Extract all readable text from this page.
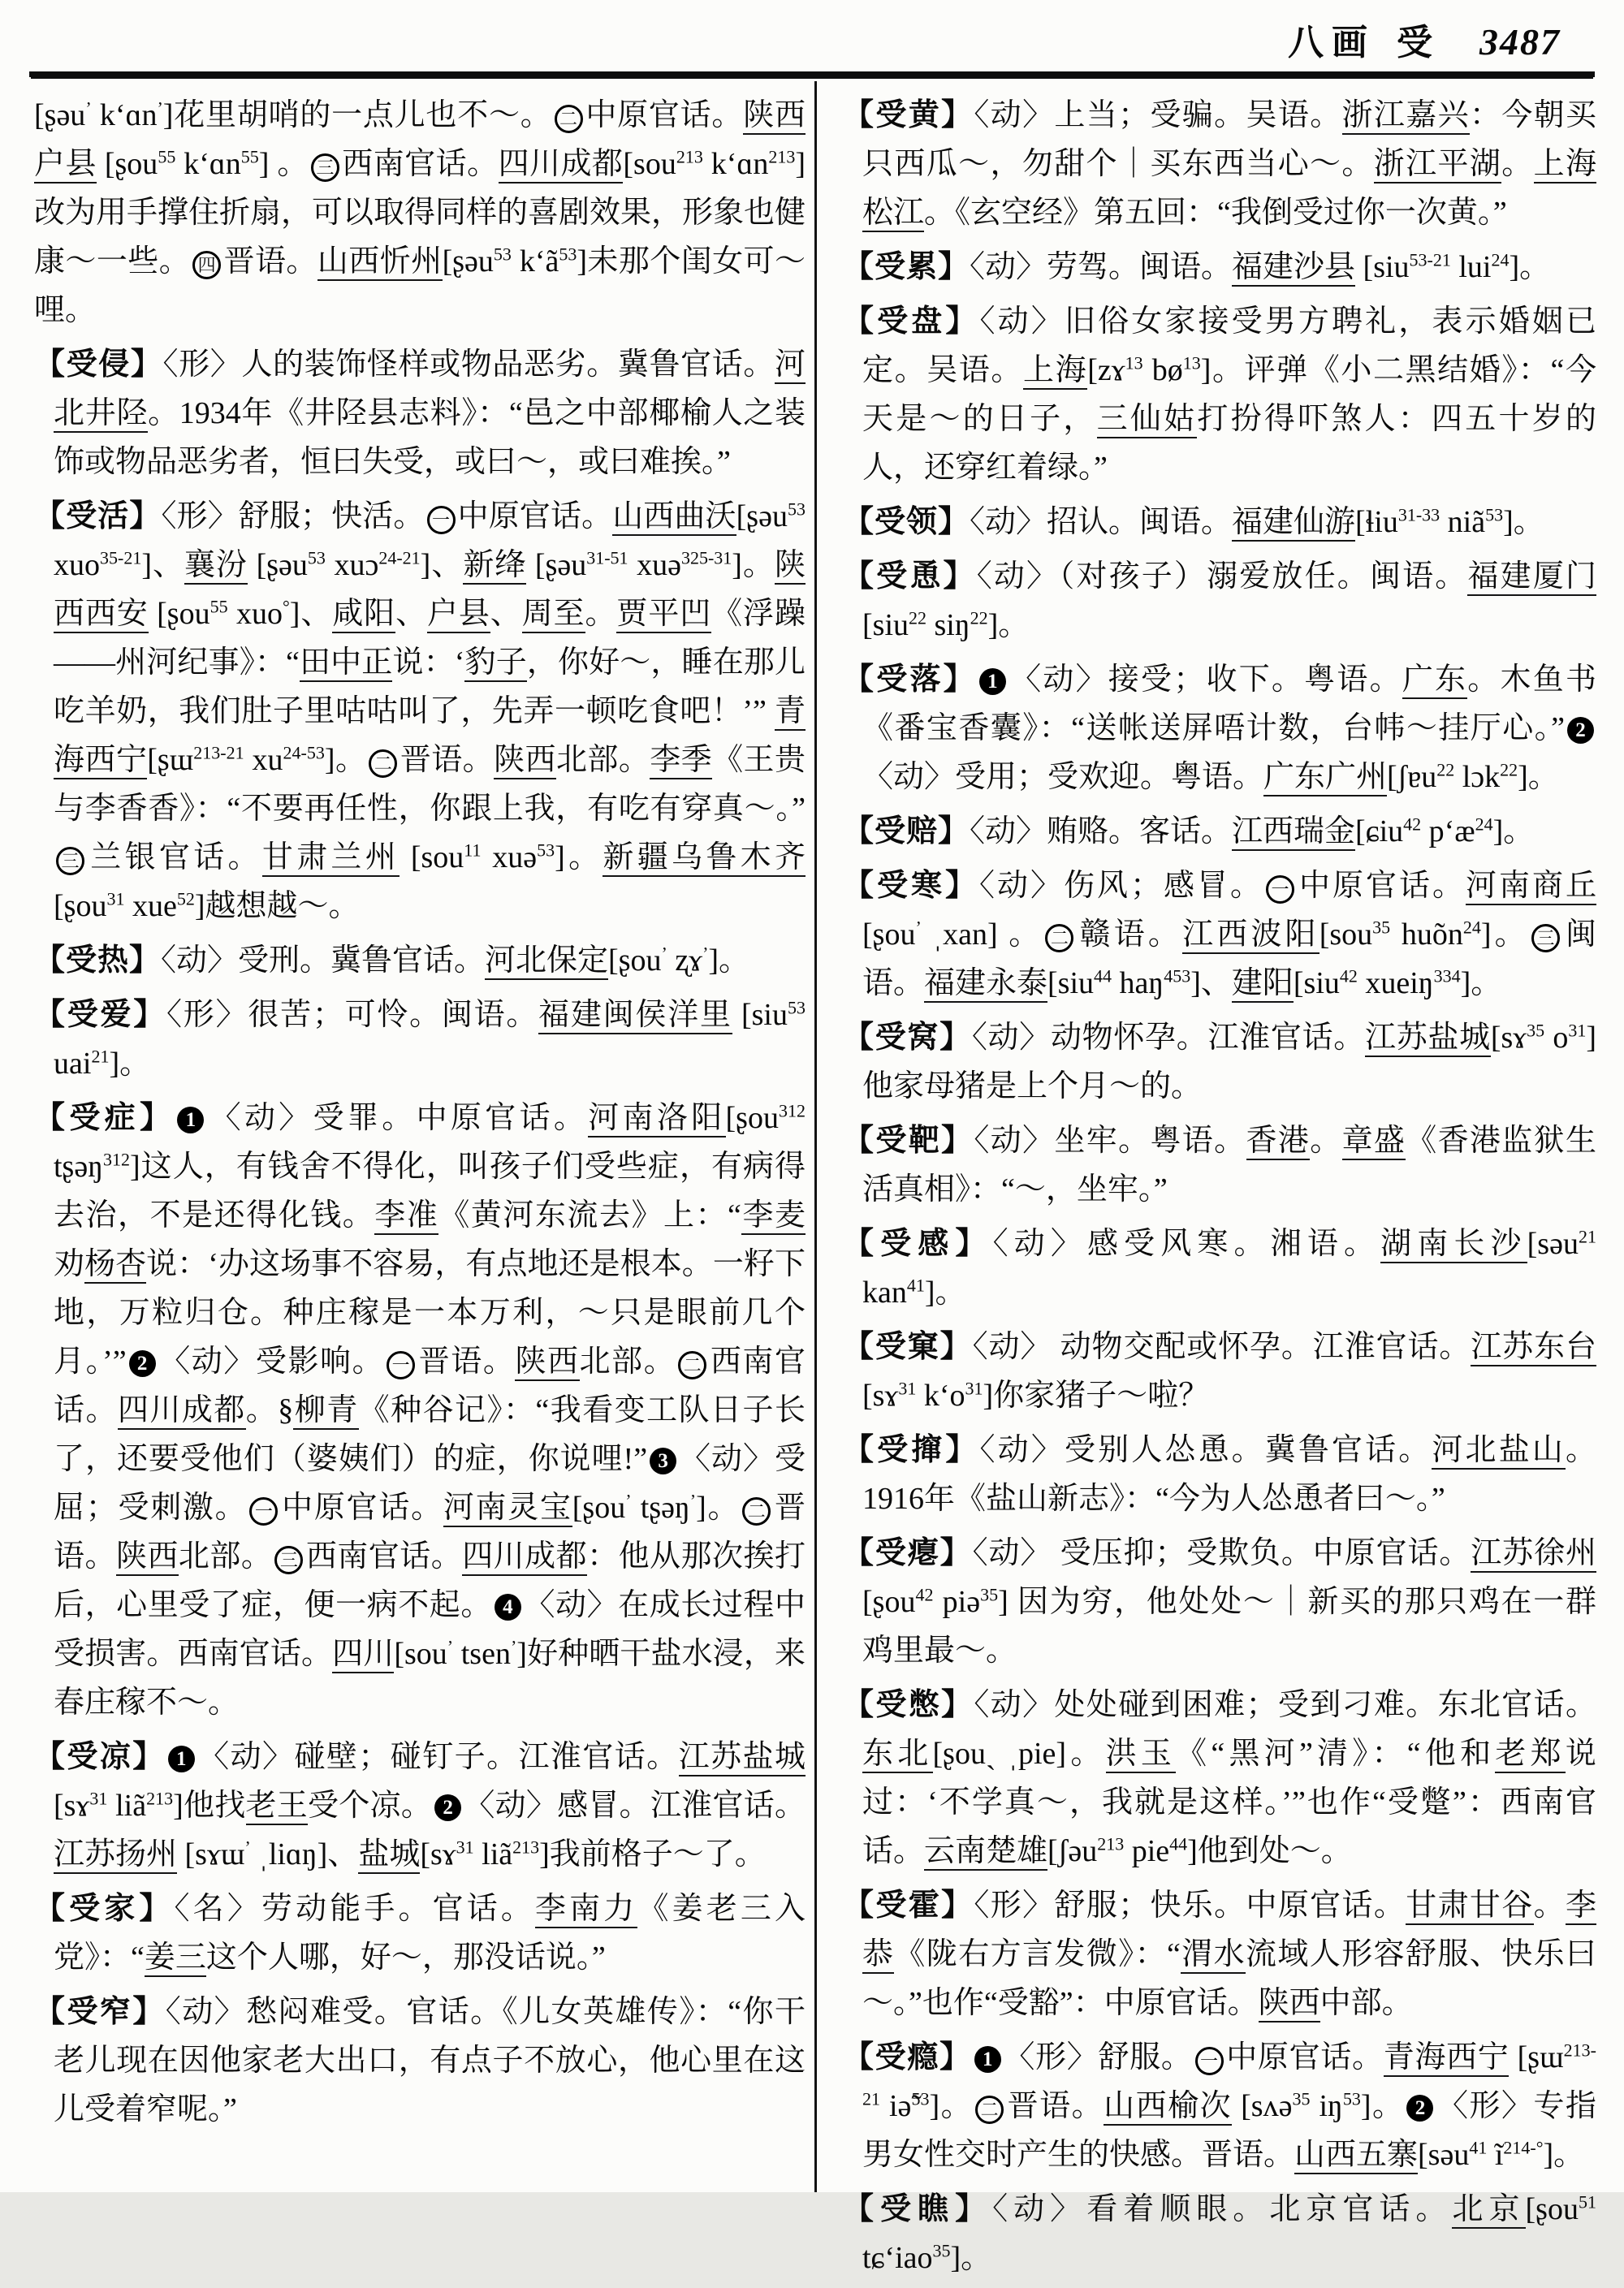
八画 受 3487

[ʂəu’ k‘ɑn’]花里胡哨的一点儿也不～。 二 中原官话。陕西户县 [ʂou$^{55}$ k‘ɑn$^{55}$] 。 三 西南官话。四川成都[sou$^{213}$ k‘ɑn$^{213}$] 改为用手撑住折扇，可以取得同样的喜剧效果，形象也健康～一些。 四 晋语。山西忻州[ʂəu$^{53}$ $k‘ã^{53}$]未那个闺女可～哩。

【受侵】〈形〉人的装饰怪样或物品恶劣。冀鲁官话。河北井陉。1934年《井陉县志料》：“邑之中部椰榆人之装饰或物品恶劣者，恒曰失受，或曰～，或曰难挨。”

【受活】〈形〉舒服；快活。 一 中原官话。山西曲沃[ʂəu$^{53}$ xuo$^{35-21}$]、襄汾 [ʂəu$^{53}$ xuɔ$^{24-21}$]、新绛 [ʂəu$^{31-51}$ xuə$^{325-31}$]。陕西西安 [ʂou$^{55}$ xuo°]、咸阳、户县、周至。贾平凹《浮躁——州河纪事》：“田中正说：‘豹子，你好～，睡在那儿吃羊奶，我们肚子里咕咕叫了，先弄一顿吃食吧！’” 青海西宁[ʂɯ$^{213-21}$ $xu^{24-53}$]。 二 晋语。陕西北部。李季《王贵与李香香》：“不要再任性，你跟上我，有吃有穿真～。”三 兰银官话。甘肃兰州 [sou$^{11}$ xuə$^{53}$]。新疆乌鲁木齐 [ʂou$^{31}$ xue$^{52}$]越想越～。

【受热】〈动〉受刑。冀鲁官话。河北保定[ʂou’ ʐɤ’]。

【受爱】〈形〉很苦；可怜。闽语。福建闽侯洋里 [siu$^{53}$ uai$^{21}$]。

【受症】 1 〈动〉受罪。中原官话。河南洛阳[ʂou$^{312}$ tʂəŋ$^{312}$]这人，有钱舍不得化，叫孩子们受些症，有病得去治，不是还得化钱。李准《黄河东流去》上：“李麦劝杨杏说：‘办这场事不容易，有点地还是根本。一籽下地，万粒归仓。种庄稼是一本万利，～只是眼前几个月。’” 2 〈动〉受影响。 一 晋语。陕西北部。 二 西南官话。四川成都。§柳青《种谷记》：“我看变工队日子长了，还要受他们（婆姨们）的症，你说哩!” 3 〈动〉受屈；受刺激。 一 中原官话。河南灵宝[ʂou’ tʂəŋ’]。 二 晋语。陕西北部。 三 西南官话。四川成都：他从那次挨打后，心里受了症，便一病不起。 4 〈动〉在成长过程中受损害。西南官话。四川[sou’ tsen’]好种晒干盐水浸，来春庄稼不～。

【受凉】 1 〈动〉碰壁；碰钉子。江淮官话。江苏盐城 [sɤ$^{31}$ liã$^{213}$]他找老王受个凉。 2 〈动〉感冒。江淮官话。江苏扬州 [sɤɯ’ ˌliɑŋ]、盐城[sɤ$^{31}$ liã$^{213}$]我前格子～了。

【受家】〈名〉劳动能手。官话。李南力《姜老三入党》：“姜三这个人哪，好～，那没话说。”

【受窄】〈动〉愁闷难受。官话。《儿女英雄传》：“你干老儿现在因他家老大出口，有点子不放心，他心里在这儿受着窄呢。”

【受黄】〈动〉上当；受骗。吴语。浙江嘉兴：今朝买只西瓜～，勿甜个｜买东西当心～。浙江平湖。上海松江。《玄空经》第五回：“我倒受过你一次黄。”

【受累】〈动〉劳驾。闽语。福建沙县 [siu$^{53-21}$ lui$^{24}$]。

【受盘】〈动〉旧俗女家接受男方聘礼，表示婚姻已定。吴语。上海[zɤ$^{13}$ $bø^{13}$]。评弹《小二黑结婚》：“今天是～的日子，三仙姑打扮得吓煞人：四五十岁的人，还穿红着绿。”

【受领】〈动〉招认。闽语。福建仙游[ɬiu$^{31-33}$ niã$^{53}$]。

【受恿】〈动〉（对孩子）溺爱放任。闽语。福建厦门[siu$^{22}$ siŋ$^{22}$]。

【受落】 1 〈动〉接受；收下。粤语。广东。木鱼书《番宝香囊》：“送帐送屏唔计数，台帏～挂厅心。” 2〈动〉受用；受欢迎。粤语。广东广州[ʃɐu$^{22}$ lɔk$^{22}$]。

【受赔】〈动〉贿赂。客话。江西瑞金[ɕiu$^{42}$ $p‘æ^{24}$]。

【受寒】〈动〉伤风；感冒。 一 中原官话。河南商丘[ʂou’ ˌxan] 。 二 赣语。江西波阳[sou$^{35}$ huõn$^{24}$]。 三 闽语。福建永泰[siu$^{44}$ haŋ$^{453}$]、建阳[siu$^{42}$ xueiŋ$^{334}$]。

【受窝】〈动〉动物怀孕。江淮官话。江苏盐城[sɤ$^{35}$ $o^{31}$]他家母猪是上个月～的。

【受靶】〈动〉坐牢。粤语。香港。章盛《香港监狱生活真相》：“～，坐牢。”

【受感】〈动〉感受风寒。湘语。湖南长沙[səu$^{21}$ kan$^{41}$]。

【受窠】〈动〉 动物交配或怀孕。江淮官话。江苏东台[sɤ$^{31}$ $k‘o^{31}$]你家猪子～啦？

【受撺】〈动〉受别人怂恿。冀鲁官话。河北盐山。1916年《盐山新志》：“今为人怂恿者曰～。”

【受瘪】〈动〉 受压抑；受欺负。中原官话。江苏徐州[ʂou$^{42}$ piə$^{35}$] 因为穷，他处处～｜新买的那只鸡在一群鸡里最～。

【受憋】〈动〉处处碰到困难；受到刁难。东北官话。东北[ʂouˎ ˌpie]。洪玉《“黑河”清》：“他和老郑说过：‘不学真～，我就是这样。’”也作“受蹩”：西南官话。云南楚雄[ʃəu$^{213}$ pie$^{44}$]他到处～。

【受霍】〈形〉舒服；快乐。中原官话。甘肃甘谷。李恭《陇右方言发微》：“渭水流域人形容舒服、快乐曰～。”也作“受豁”：中原官话。陕西中部。

【受瘾】 1 〈形〉舒服。 一 中原官话。青海西宁 [ʂɯ$^{213-21}$ iə̃$^{53}$]。 二 晋语。山西榆次 [sʌə$^{35}$ $iŋ^{53}$]。 2 〈形〉专指男女性交时产生的快感。晋语。山西五寨[səu$^{41}$ $ĩ^{214-^\circ}$]。

【受瞧】〈动〉看着顺眼。北京官话。北京[ʂou$^{51}$ tɕ‘iao$^{35}$]。
